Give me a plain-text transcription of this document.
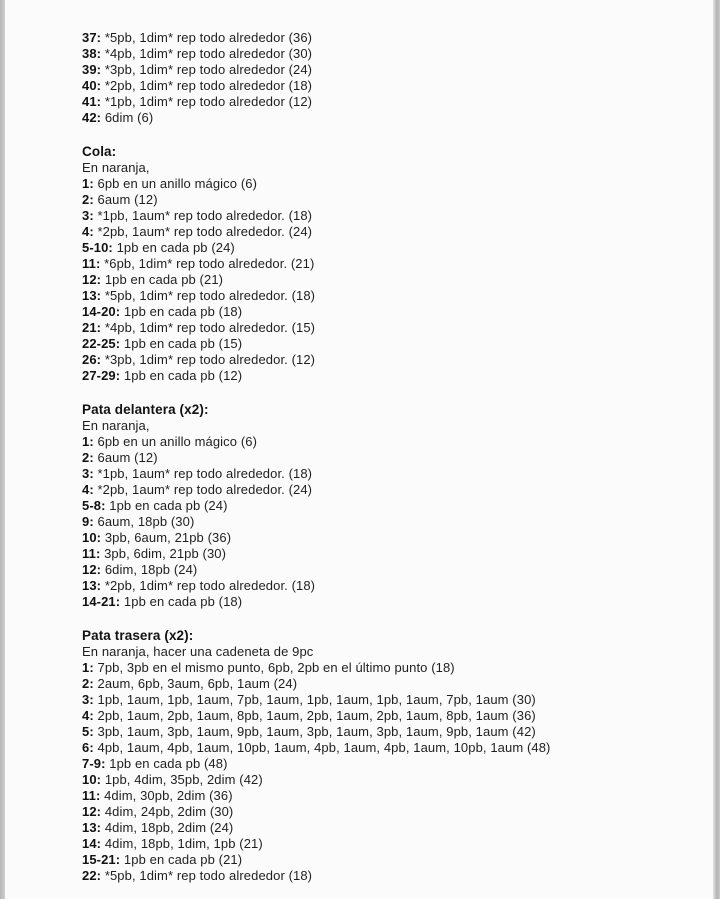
37: *5pb, 1dim* rep todo alrededor (36)

38: *4pb, 1dim* rep todo alrededor (30)

39: *3pb, 1dim* rep todo alrededor (24)

40: *2pb, 1dim* rep todo alrededor (18)

41: *1pb, 1dim* rep todo alrededor (12)

42: 6dim (6)

Cola:

En naranja,

1: 6pb en un anillo mágico (6)

2: 6aum (12)

3: *1pb, 1aum* rep todo alrededor. (18)

4: *2pb, 1aum* rep todo alrededor. (24)

5-10: 1pb en cada pb (24)

11: *6pb, 1dim* rep todo alrededor. (21)

12: 1pb en cada pb (21)

13: *5pb, 1dim* rep todo alrededor. (18)

14-20: 1pb en cada pb (18)

21: *4pb, 1dim* rep todo alrededor. (15)

22-25: 1pb en cada pb (15)

26: *3pb, 1dim* rep todo alrededor. (12)

27-29: 1pb en cada pb (12)

Pata delantera (x2):

En naranja,

1: 6pb en un anillo mágico (6)

2: 6aum (12)

3: *1pb, 1aum* rep todo alrededor. (18)

4: *2pb, 1aum* rep todo alrededor. (24)

5-8: 1pb en cada pb (24)

9: 6aum, 18pb (30)

10: 3pb, 6aum, 21pb (36)

11: 3pb, 6dim, 21pb (30)

12: 6dim, 18pb (24)

13: *2pb, 1dim* rep todo alrededor. (18)

14-21: 1pb en cada pb (18)

Pata trasera (x2):

En naranja, hacer una cadeneta de 9pc

1: 7pb, 3pb en el mismo punto, 6pb, 2pb en el último punto (18)

2: 2aum, 6pb, 3aum, 6pb, 1aum (24)

3: 1pb, 1aum, 1pb, 1aum, 7pb, 1aum, 1pb, 1aum, 1pb, 1aum, 7pb, 1aum (30)

4: 2pb, 1aum, 2pb, 1aum, 8pb, 1aum, 2pb, 1aum, 2pb, 1aum, 8pb, 1aum (36)

5: 3pb, 1aum, 3pb, 1aum, 9pb, 1aum, 3pb, 1aum, 3pb, 1aum, 9pb, 1aum (42)

6: 4pb, 1aum, 4pb, 1aum, 10pb, 1aum, 4pb, 1aum, 4pb, 1aum, 10pb, 1aum (48)

7-9: 1pb en cada pb (48)

10: 1pb, 4dim, 35pb, 2dim (42)

11: 4dim, 30pb, 2dim (36)

12: 4dim, 24pb, 2dim (30)

13: 4dim, 18pb, 2dim (24)

14: 4dim, 18pb, 1dim, 1pb (21)

15-21: 1pb en cada pb (21)

22: *5pb, 1dim* rep todo alrededor (18)
